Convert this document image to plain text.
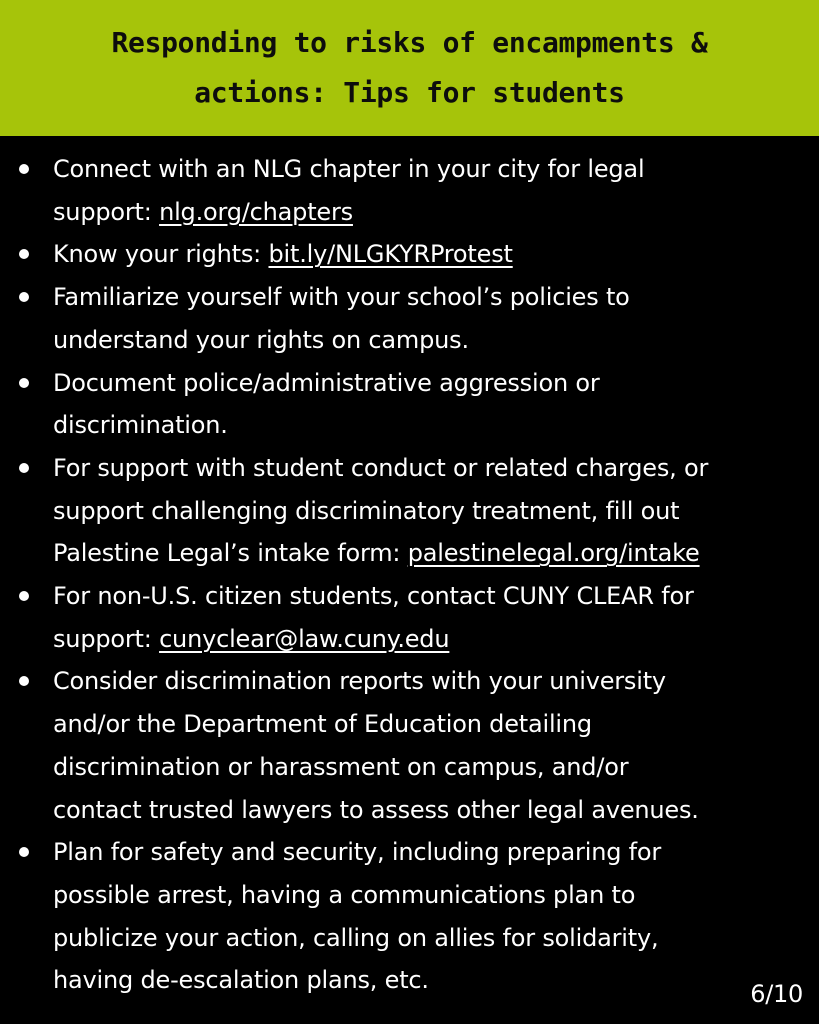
Responding to risks of encampments &
actions: Tips for students
Connect with an NLG chapter in your city for legal
support: nlg.org/chapters
Know your rights: bit.ly/NLGKYRProtest
Familiarize yourself with your school’s policies to
understand your rights on campus.
Document police/administrative aggression or
discrimination.
For support with student conduct or related charges, or
support challenging discriminatory treatment, fill out
Palestine Legal’s intake form: palestinelegal.org/intake
For non-U.S. citizen students, contact CUNY CLEAR for
support: cunyclear@law.cuny.edu
Consider discrimination reports with your university
and/or the Department of Education detailing
discrimination or harassment on campus, and/or
contact trusted lawyers to assess other legal avenues.
Plan for safety and security, including preparing for
possible arrest, having a communications plan to
publicize your action, calling on allies for solidarity,
having de-escalation plans, etc.	6/10
